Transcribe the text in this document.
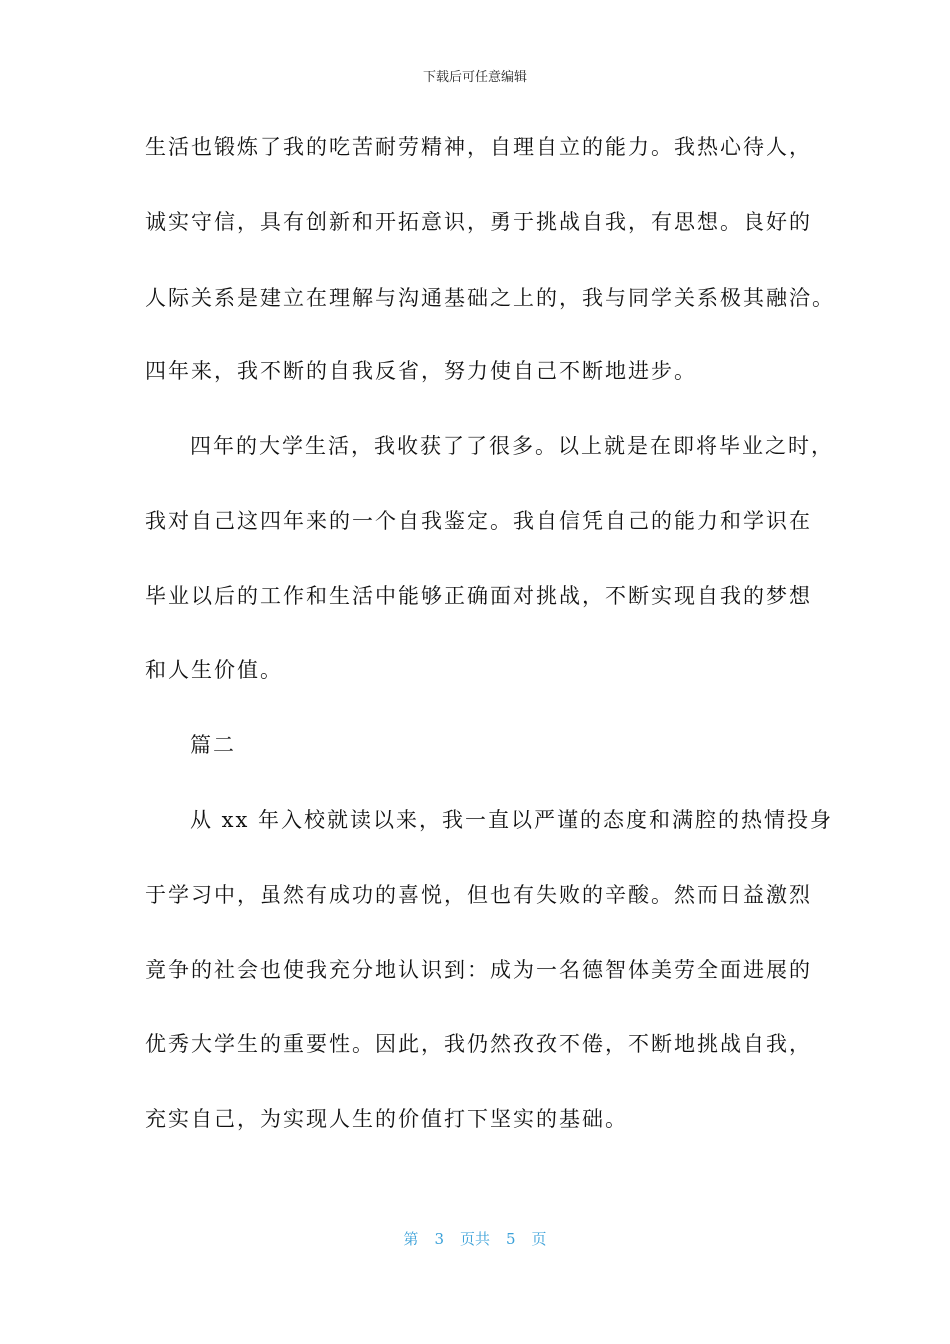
下载后可任意编辑
生活也锻炼了我的吃苦耐劳精神，自理自立的能力。我热心待人，
诚实守信，具有创新和开拓意识，勇于挑战自我，有思想。良好的
人际关系是建立在理解与沟通基础之上的，我与同学关系极其融洽。
四年来，我不断的自我反省，努力使自己不断地进步。
四年的大学生活，我收获了了很多。以上就是在即将毕业之时，
我对自己这四年来的一个自我鉴定。我自信凭自己的能力和学识在
毕业以后的工作和生活中能够正确面对挑战，不断实现自我的梦想
和人生价值。
篇二
从 xx 年入校就读以来，我一直以严谨的态度和满腔的热情投身
于学习中，虽然有成功的喜悦，但也有失败的辛酸。然而日益激烈
竟争的社会也使我充分地认识到：成为一名德智体美劳全面进展的
优秀大学生的重要性。因此，我仍然孜孜不倦，不断地挑战自我，
充实自己，为实现人生的价值打下坚实的基础。
第 3 页共 5 页
